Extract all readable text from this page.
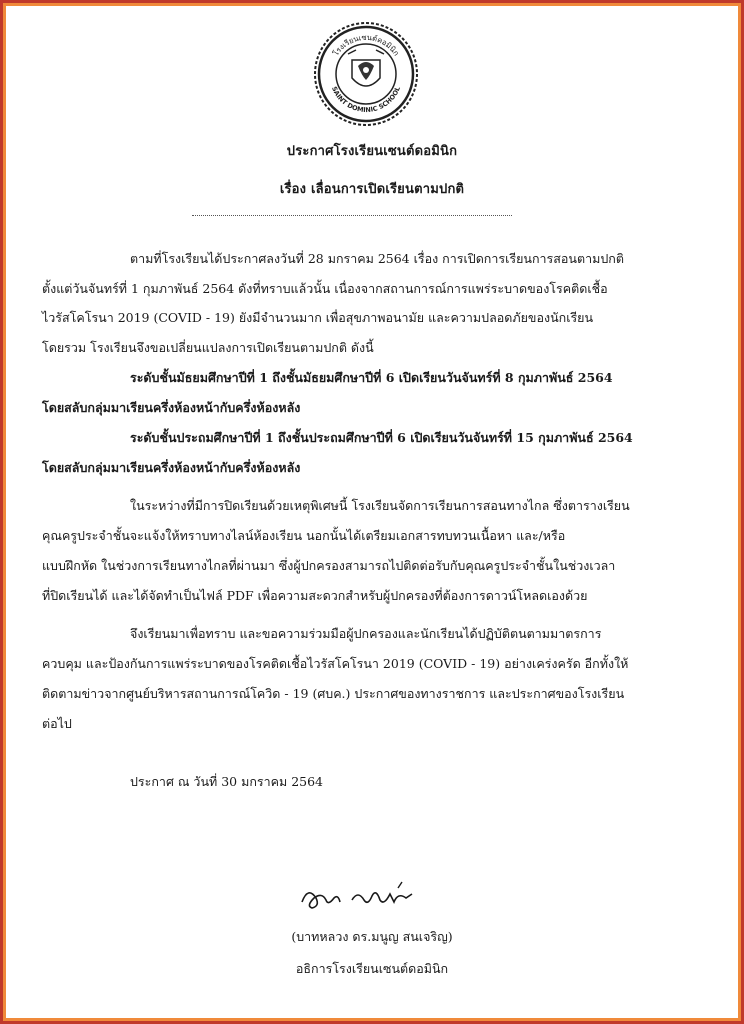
โรงเรียนเซนต์คอมินิก
SAINT DOMINIC SCHOOL
ประกาศโรงเรียนเซนต์ดอมินิก
เรื่อง เลื่อนการเปิดเรียนตามปกติ
ตามที่โรงเรียนได้ประกาศลงวันที่ 28 มกราคม 2564 เรื่อง การเปิดการเรียนการสอนตามปกติ
ตั้งแต่วันจันทร์ที่ 1 กุมภาพันธ์ 2564 ดังที่ทราบแล้วนั้น เนื่องจากสถานการณ์การแพร่ระบาดของโรคติดเชื้อ
ไวรัสโคโรนา 2019 (COVID - 19) ยังมีจำนวนมาก เพื่อสุขภาพอนามัย และความปลอดภัยของนักเรียน
โดยรวม โรงเรียนจึงขอเปลี่ยนแปลงการเปิดเรียนตามปกติ ดังนี้
ระดับชั้นมัธยมศึกษาปีที่ 1 ถึงชั้นมัธยมศึกษาปีที่ 6 เปิดเรียนวันจันทร์ที่ 8 กุมภาพันธ์ 2564
โดยสลับกลุ่มมาเรียนครึ่งห้องหน้ากับครึ่งห้องหลัง
ระดับชั้นประถมศึกษาปีที่ 1 ถึงชั้นประถมศึกษาปีที่ 6 เปิดเรียนวันจันทร์ที่ 15 กุมภาพันธ์ 2564
โดยสลับกลุ่มมาเรียนครึ่งห้องหน้ากับครึ่งห้องหลัง
ในระหว่างที่มีการปิดเรียนด้วยเหตุพิเศษนี้ โรงเรียนจัดการเรียนการสอนทางไกล ซึ่งตารางเรียน
คุณครูประจำชั้นจะแจ้งให้ทราบทางไลน์ห้องเรียน นอกนั้นได้เตรียมเอกสารทบทวนเนื้อหา และ/หรือ
แบบฝึกหัด ในช่วงการเรียนทางไกลที่ผ่านมา ซึ่งผู้ปกครองสามารถไปติดต่อรับกับคุณครูประจำชั้นในช่วงเวลา
ที่ปิดเรียนได้ และได้จัดทำเป็นไฟล์ PDF เพื่อความสะดวกสำหรับผู้ปกครองที่ต้องการดาวน์โหลดเองด้วย
จึงเรียนมาเพื่อทราบ และขอความร่วมมือผู้ปกครองและนักเรียนได้ปฏิบัติตนตามมาตรการ
ควบคุม และป้องกันการแพร่ระบาดของโรคติดเชื้อไวรัสโคโรนา 2019 (COVID - 19) อย่างเคร่งครัด อีกทั้งให้
ติดตามข่าวจากศูนย์บริหารสถานการณ์โควิด - 19 (ศบค.) ประกาศของทางราชการ และประกาศของโรงเรียน
ต่อไป
ประกาศ ณ วันที่ 30 มกราคม 2564
(บาทหลวง ดร.มนูญ สนเจริญ)
อธิการโรงเรียนเซนต์ดอมินิก
